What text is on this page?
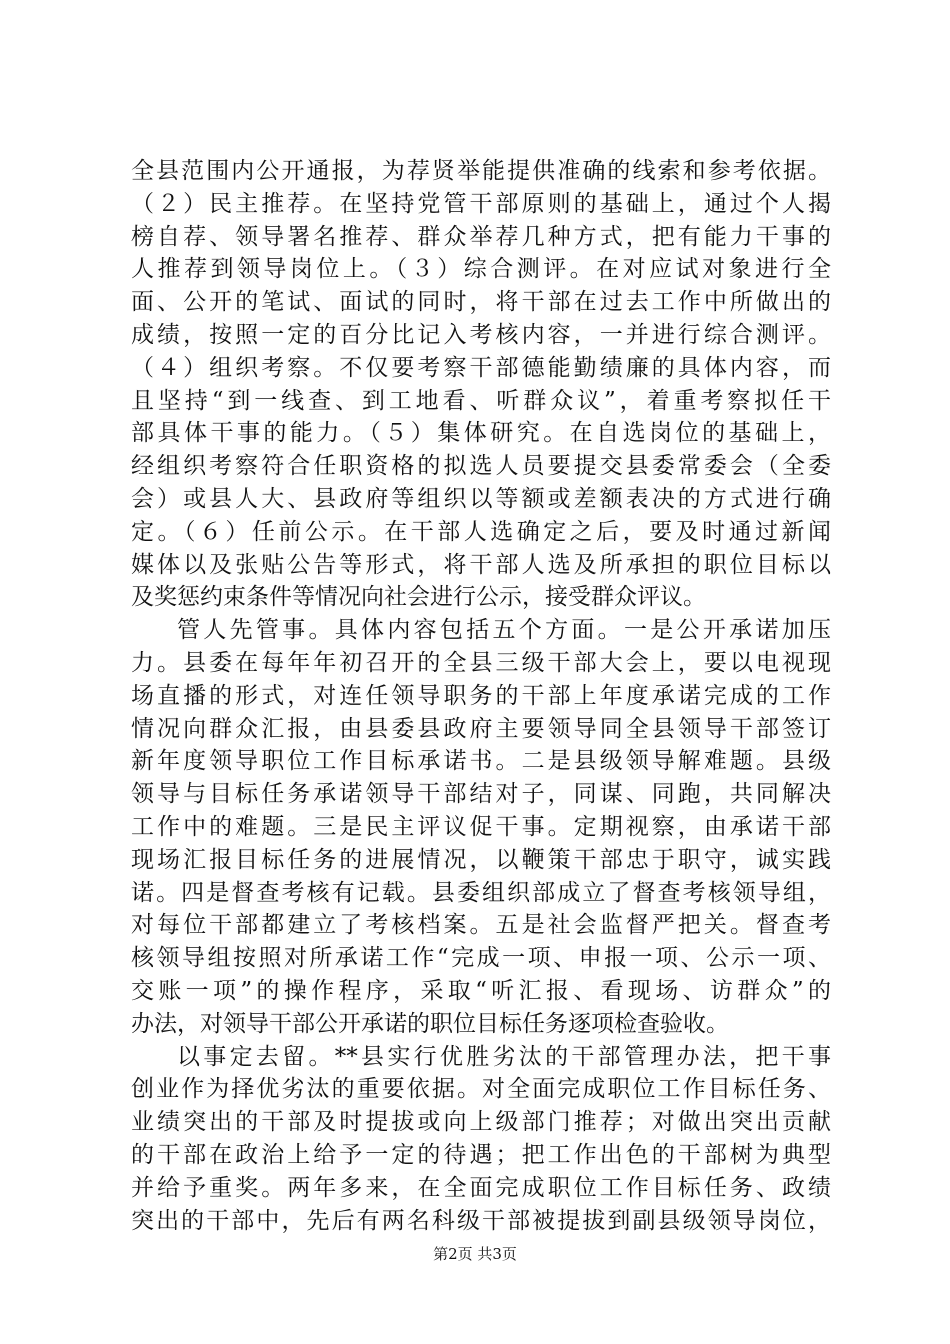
全县范围内公开通报，为荐贤举能提供准确的线索和参考依据。
（２）民主推荐。在坚持党管干部原则的基础上，通过个人揭
榜自荐、领导署名推荐、群众举荐几种方式，把有能力干事的
人推荐到领导岗位上。（３）综合测评。在对应试对象进行全
面、公开的笔试、面试的同时，将干部在过去工作中所做出的
成绩，按照一定的百分比记入考核内容，一并进行综合测评。
（４）组织考察。不仅要考察干部德能勤绩廉的具体内容，而
且坚持“到一线查、到工地看、听群众议”，着重考察拟任干
部具体干事的能力。（５）集体研究。在自选岗位的基础上，
经组织考察符合任职资格的拟选人员要提交县委常委会（全委
会）或县人大、县政府等组织以等额或差额表决的方式进行确
定。（６）任前公示。在干部人选确定之后，要及时通过新闻
媒体以及张贴公告等形式，将干部人选及所承担的职位目标以
及奖惩约束条件等情况向社会进行公示，接受群众评议。
管人先管事。具体内容包括五个方面。一是公开承诺加压
力。县委在每年年初召开的全县三级干部大会上，要以电视现
场直播的形式，对连任领导职务的干部上年度承诺完成的工作
情况向群众汇报，由县委县政府主要领导同全县领导干部签订
新年度领导职位工作目标承诺书。二是县级领导解难题。县级
领导与目标任务承诺领导干部结对子，同谋、同跑，共同解决
工作中的难题。三是民主评议促干事。定期视察，由承诺干部
现场汇报目标任务的进展情况，以鞭策干部忠于职守，诚实践
诺。四是督查考核有记载。县委组织部成立了督查考核领导组，
对每位干部都建立了考核档案。五是社会监督严把关。督查考
核领导组按照对所承诺工作“完成一项、申报一项、公示一项、
交账一项”的操作程序，采取“听汇报、看现场、访群众”的
办法，对领导干部公开承诺的职位目标任务逐项检查验收。
以事定去留。**县实行优胜劣汰的干部管理办法，把干事
创业作为择优劣汰的重要依据。对全面完成职位工作目标任务、
业绩突出的干部及时提拔或向上级部门推荐；对做出突出贡献
的干部在政治上给予一定的待遇；把工作出色的干部树为典型
并给予重奖。两年多来，在全面完成职位工作目标任务、政绩
突出的干部中，先后有两名科级干部被提拔到副县级领导岗位，
第2页 共3页
